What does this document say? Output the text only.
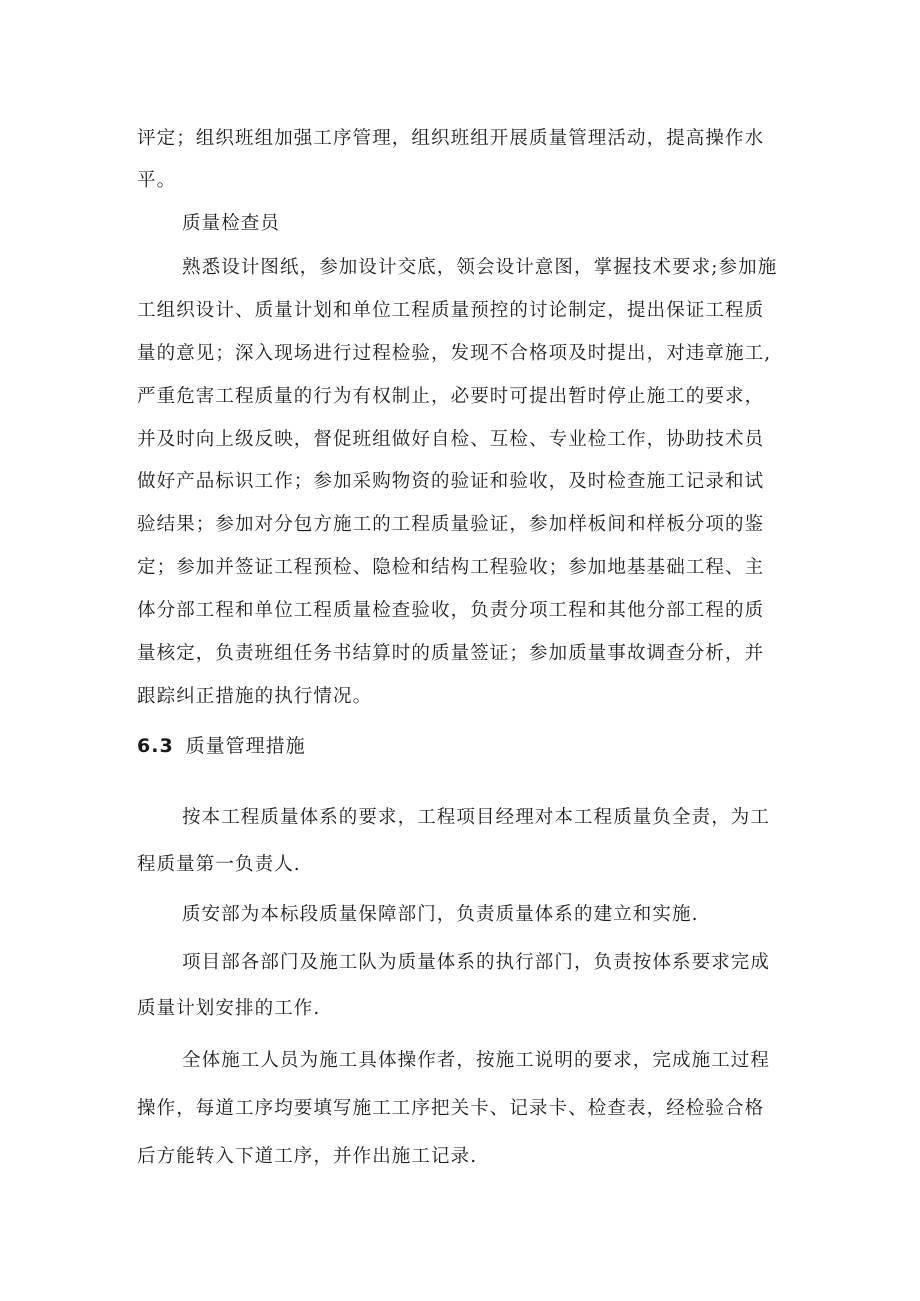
评定；组织班组加强工序管理，组织班组开展质量管理活动，提高操作水
平。
质量检查员
熟悉设计图纸，参加设计交底，领会设计意图，掌握技术要求;参加施
工组织设计、质量计划和单位工程质量预控的讨论制定，提出保证工程质
量的意见；深入现场进行过程检验，发现不合格项及时提出，对违章施工,
严重危害工程质量的行为有权制止，必要时可提出暂时停止施工的要求，
并及时向上级反映，督促班组做好自检、互检、专业检工作，协助技术员
做好产品标识工作；参加采购物资的验证和验收，及时检查施工记录和试
验结果；参加对分包方施工的工程质量验证，参加样板间和样板分项的鉴
定；参加并签证工程预检、隐检和结构工程验收；参加地基基础工程、主
体分部工程和单位工程质量检查验收，负责分项工程和其他分部工程的质
量核定，负责班组任务书结算时的质量签证；参加质量事故调查分析，并
跟踪纠正措施的执行情况。
6.3 质量管理措施
按本工程质量体系的要求，工程项目经理对本工程质量负全责，为工
程质量第一负责人.
质安部为本标段质量保障部门，负责质量体系的建立和实施.
项目部各部门及施工队为质量体系的执行部门，负责按体系要求完成
质量计划安排的工作.
全体施工人员为施工具体操作者，按施工说明的要求，完成施工过程
操作，每道工序均要填写施工工序把关卡、记录卡、检查表，经检验合格
后方能转入下道工序，并作出施工记录.
